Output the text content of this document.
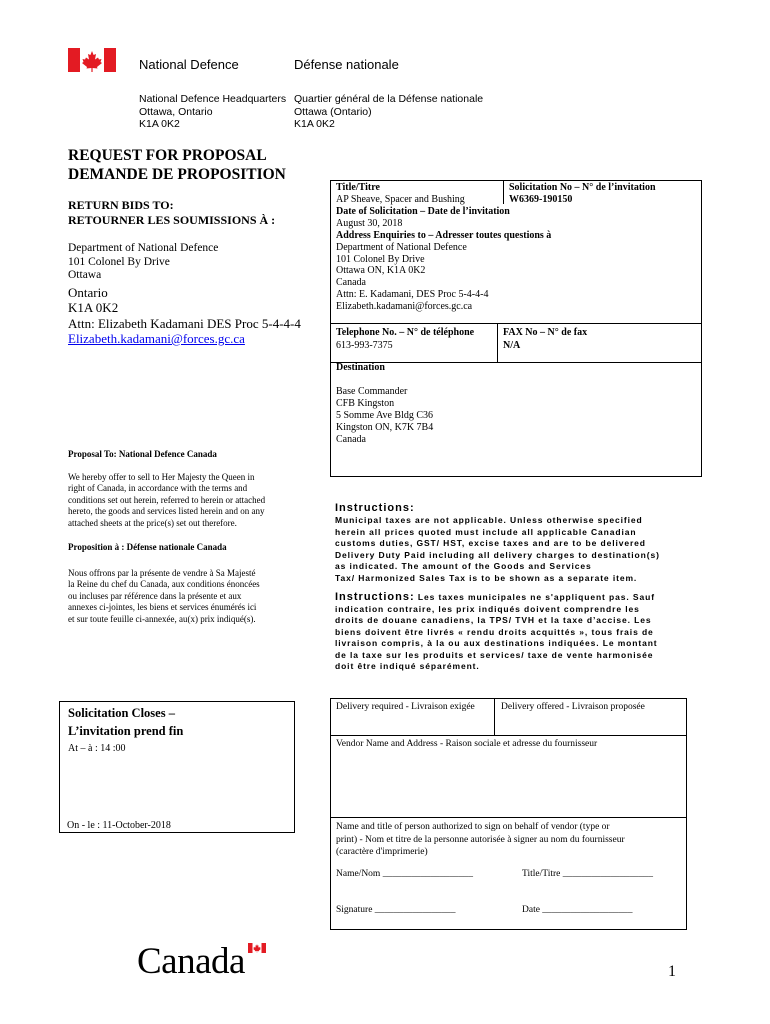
National Defence	Défense nationale
National Defence Headquarters
Ottawa, Ontario
K1A 0K2
Quartier général de la Défense nationale
Ottawa (Ontario)
K1A 0K2
REQUEST FOR PROPOSAL
DEMANDE DE PROPOSITION
RETURN BIDS TO:
RETOURNER LES SOUMISSIONS À :
Department of National Defence
101 Colonel By Drive
Ottawa
Ontario
K1A 0K2
Attn: Elizabeth Kadamani DES Proc 5-4-4-4
Elizabeth.kadamani@forces.gc.ca
Proposal To: National Defence Canada
We hereby offer to sell to Her Majesty the Queen in
right of Canada, in accordance with the terms and
conditions set out herein, referred to herein or attached
hereto, the goods and services listed herein and on any
attached sheets at the price(s) set out therefore.
Proposition à : Défense nationale Canada
Nous offrons par la présente de vendre à Sa Majesté
la Reine du chef du Canada, aux conditions énoncées
ou incluses par référence dans la présente et aux
annexes ci-jointes, les biens et services énumérés ici
et sur toute feuille ci-annexée, au(x) prix indiqué(s).
Solicitation Closes –
L’invitation prend fin
At – à : 14 :00
On - le : 11-October-2018
Title/Titre
AP Sheave, Spacer and Bushing
Solicitation No – N° de l’invitation
W6369-190150
Date of Solicitation – Date de l’invitation
August 30, 2018
Address Enquiries to – Adresser toutes questions à
Department of National Defence
101 Colonel By Drive
Ottawa ON, K1A 0K2
Canada
Attn: E. Kadamani, DES Proc 5-4-4-4
Elizabeth.kadamani@forces.gc.ca
Telephone No. – N° de téléphone
613-993-7375
FAX No – N° de fax
N/A
Destination
Base Commander
CFB Kingston
5 Somme Ave Bldg C36
Kingston ON, K7K 7B4
Canada
Instructions:
Municipal taxes are not applicable. Unless otherwise specified
herein all prices quoted must include all applicable Canadian
customs duties, GST/ HST, excise taxes and are to be delivered
Delivery Duty Paid including all delivery charges to destination(s)
as indicated. The amount of the Goods and Services
Tax/ Harmonized Sales Tax is to be shown as a separate item.
Instructions: Les taxes municipales ne s'appliquent pas. Sauf
indication contraire, les prix indiqués doivent comprendre les
droits de douane canadiens, la TPS/ TVH et la taxe d’accise. Les
biens doivent être livrés « rendu droits acquittés », tous frais de
livraison compris, à la ou aux destinations indiquées. Le montant
de la taxe sur les produits et services/ taxe de vente harmonisée
doit être indiqué séparément.
Delivery required - Livraison exigée	Delivery offered - Livraison proposée
Vendor Name and Address - Raison sociale et adresse du fournisseur
Name and title of person authorized to sign on behalf of vendor (type or
print) - Nom et titre de la personne autorisée à signer au nom du fournisseur
(caractère d'imprimerie)
Name/Nom ___________________	Title/Titre ___________________
Signature _________________	Date ___________________
Canada	1
